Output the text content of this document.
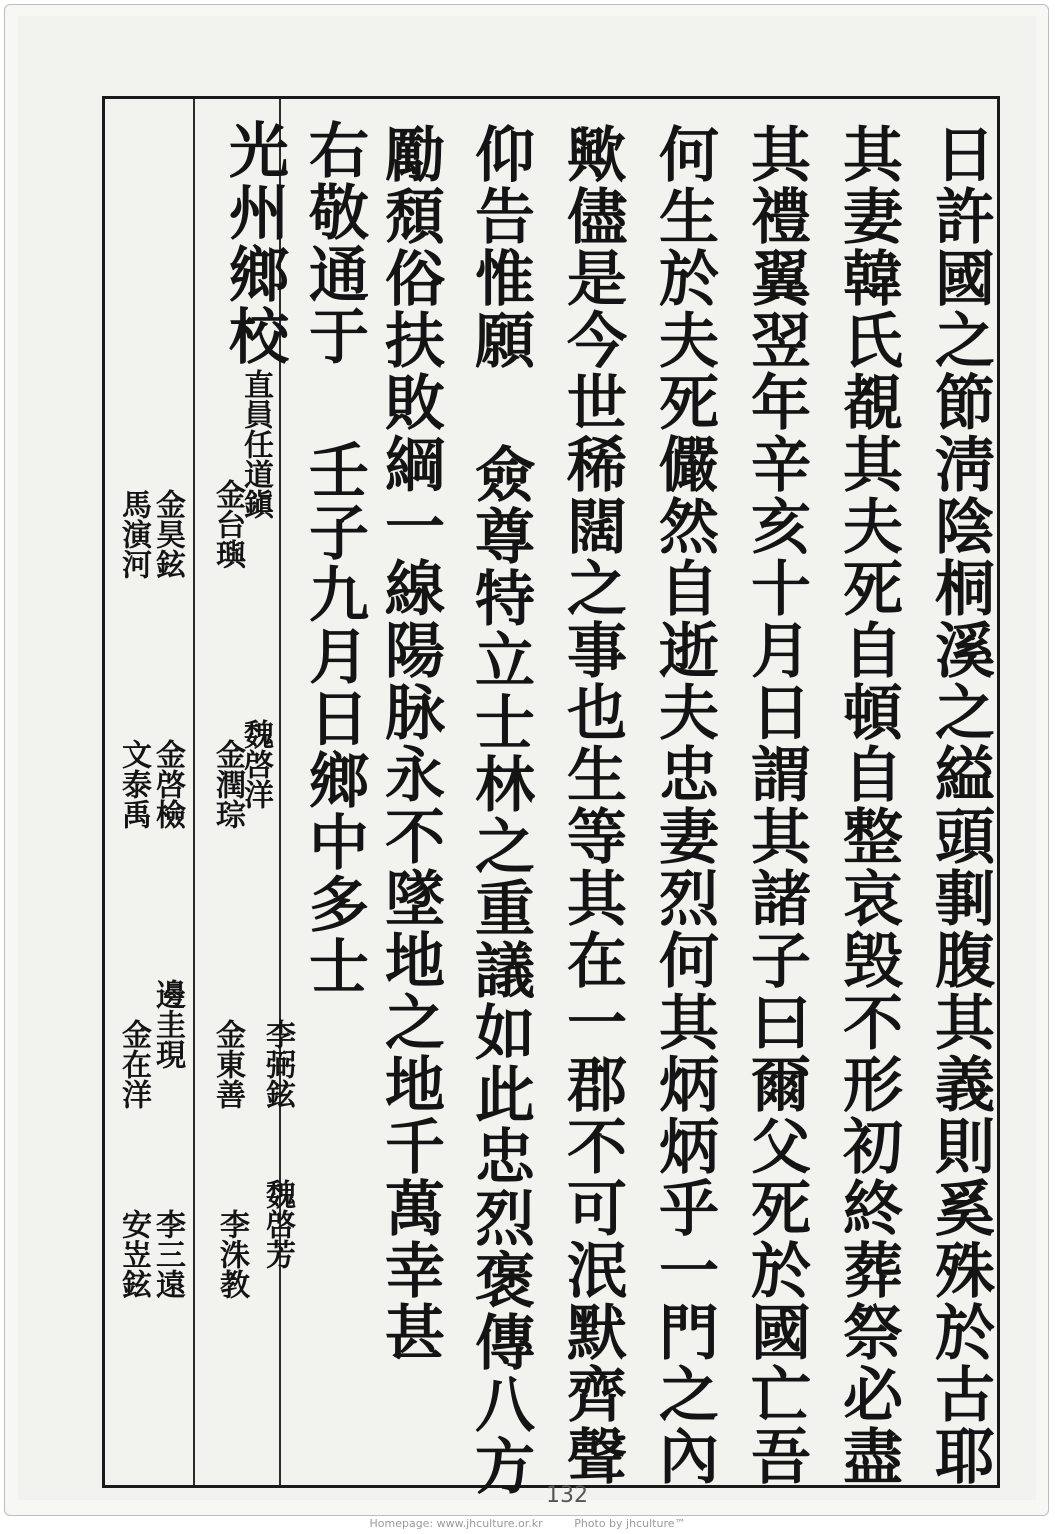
日許國之節淸陰桐溪之縊頭剚腹其義則奚殊於古耶
其妻韓氏覩其夫死自頓自整哀毁不形初終葬祭必盡
其禮翼翌年辛亥十月日謂其諸子曰爾父死於國亡吾
何生於夫死儼然自逝夫忠妻烈何其炳炳乎一門之內
歟儘是今世稀闊之事也生等其在一郡不可泯默齊聲
仰告惟願 僉尊特立士林之重議如此忠烈褒傳八方
勵頹俗扶敗綱一線陽脉永不墜地之地千萬幸甚
右敬通于 壬子九月日鄉中多士
光州鄉校
直員任道鎭
魏啓洋
李弼鉉
魏啓芳
金台璵
金潤琮
金東善
李洙教
金昊鉉
金啓檢
邊圭現
李三遠
馬演河
文泰禹
金在洋
安岦鉉
132
Homepage: www.jhculture.or.kr	Photo by jhculture™
